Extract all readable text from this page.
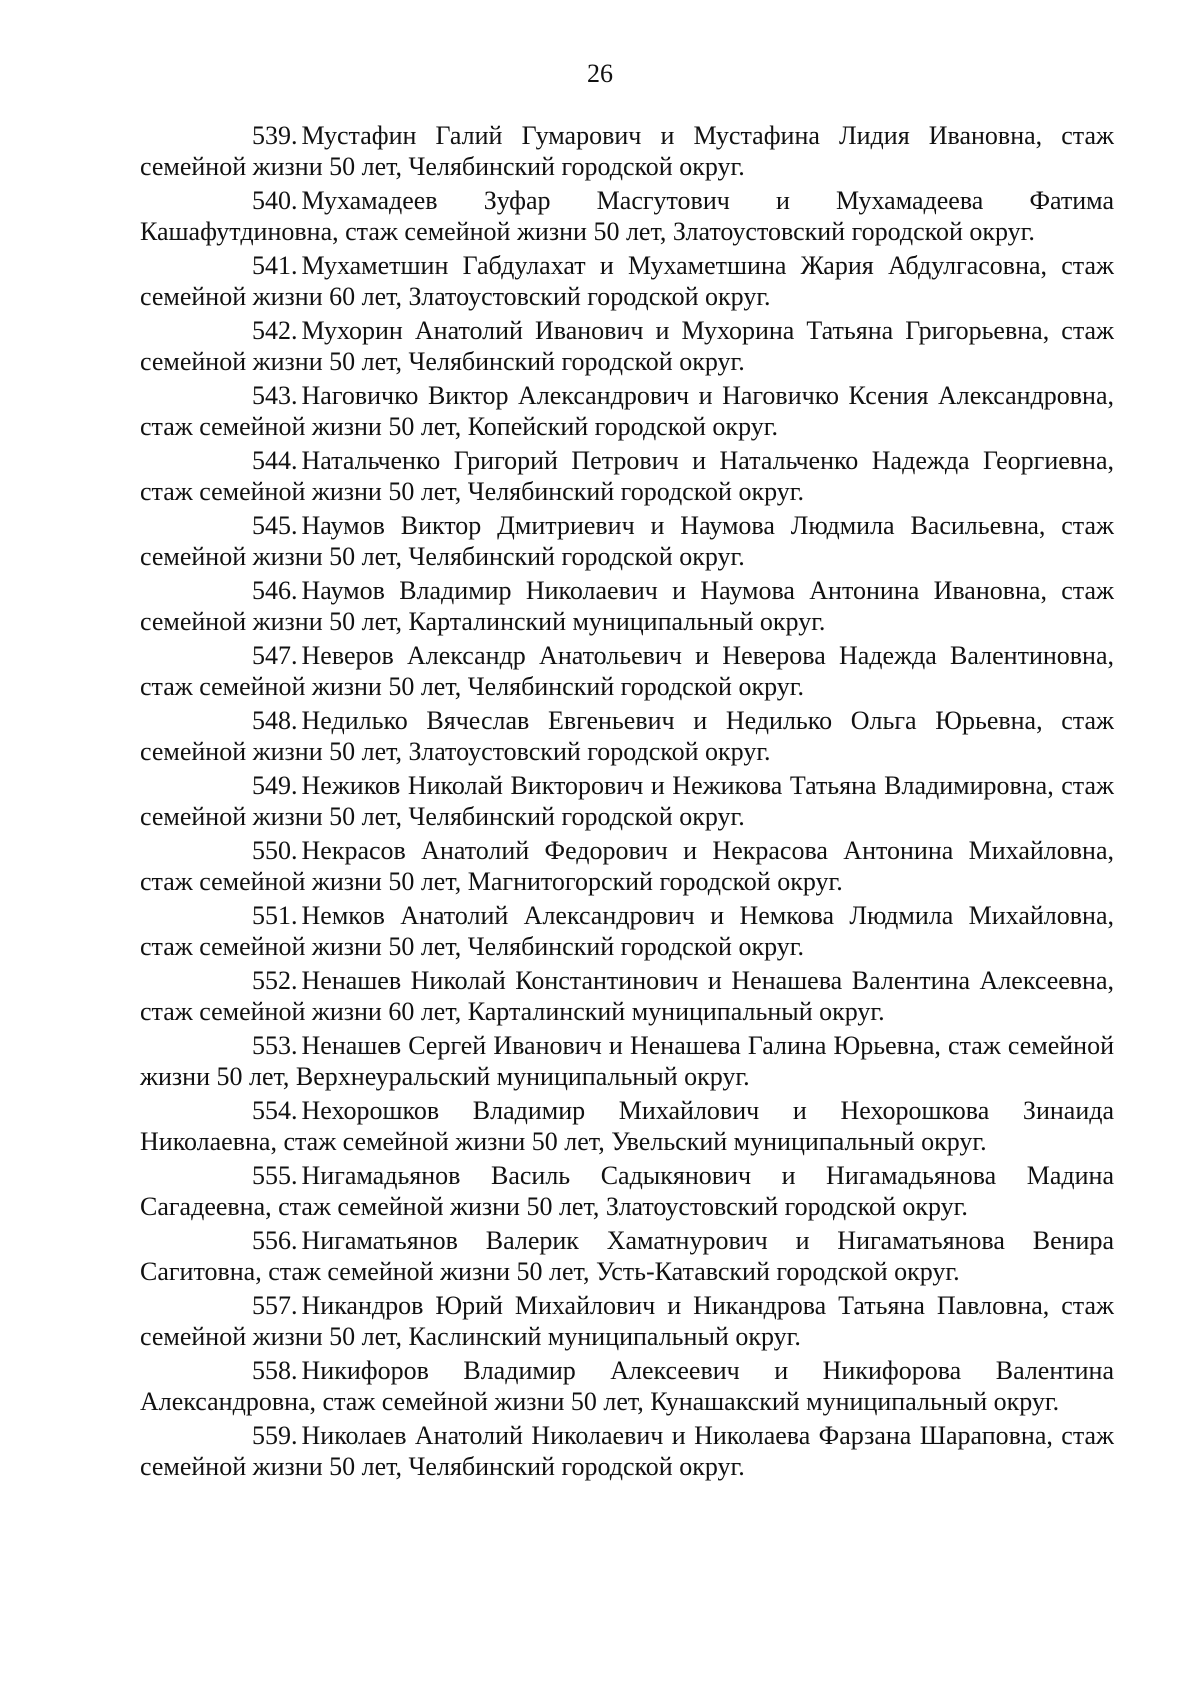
26

539. Мустафин Галий Гумарович и Мустафина Лидия Ивановна, стаж семейной жизни 50 лет, Челябинский городской округ.

540. Мухамадеев Зуфар Масгутович и Мухамадеева Фатима Кашафутдиновна, стаж семейной жизни 50 лет, Златоустовский городской округ.

541. Мухаметшин Габдулахат и Мухаметшина Жария Абдулгасовна, стаж семейной жизни 60 лет, Златоустовский городской округ.

542. Мухорин Анатолий Иванович и Мухорина Татьяна Григорьевна, стаж семейной жизни 50 лет, Челябинский городской округ.

543. Наговичко Виктор Александрович и Наговичко Ксения Александровна, стаж семейной жизни 50 лет, Копейский городской округ.

544. Натальченко Григорий Петрович и Натальченко Надежда Георгиевна, стаж семейной жизни 50 лет, Челябинский городской округ.

545. Наумов Виктор Дмитриевич и Наумова Людмила Васильевна, стаж семейной жизни 50 лет, Челябинский городской округ.

546. Наумов Владимир Николаевич и Наумова Антонина Ивановна, стаж семейной жизни 50 лет, Карталинский муниципальный округ.

547. Неверов Александр Анатольевич и Неверова Надежда Валентиновна, стаж семейной жизни 50 лет, Челябинский городской округ.

548. Недилько Вячеслав Евгеньевич и Недилько Ольга Юрьевна, стаж семейной жизни 50 лет, Златоустовский городской округ.

549. Нежиков Николай Викторович и Нежикова Татьяна Владимировна, стаж семейной жизни 50 лет, Челябинский городской округ.

550. Некрасов Анатолий Федорович и Некрасова Антонина Михайловна, стаж семейной жизни 50 лет, Магнитогорский городской округ.

551. Немков Анатолий Александрович и Немкова Людмила Михайловна, стаж семейной жизни 50 лет, Челябинский городской округ.

552. Ненашев Николай Константинович и Ненашева Валентина Алексеевна, стаж семейной жизни 60 лет, Карталинский муниципальный округ.

553. Ненашев Сергей Иванович и Ненашева Галина Юрьевна, стаж семейной жизни 50 лет, Верхнеуральский муниципальный округ.

554. Нехорошков Владимир Михайлович и Нехорошкова Зинаида Николаевна, стаж семейной жизни 50 лет, Увельский муниципальный округ.

555. Нигамадьянов Василь Садыкянович и Нигамадьянова Мадина Сагадеевна, стаж семейной жизни 50 лет, Златоустовский городской округ.

556. Нигаматьянов Валерик Хаматнурович и Нигаматьянова Венира Сагитовна, стаж семейной жизни 50 лет, Усть-Катавский городской округ.

557. Никандров Юрий Михайлович и Никандрова Татьяна Павловна, стаж семейной жизни 50 лет, Каслинский муниципальный округ.

558. Никифоров Владимир Алексеевич и Никифорова Валентина Александровна, стаж семейной жизни 50 лет, Кунашакский муниципальный округ.

559. Николаев Анатолий Николаевич и Николаева Фарзана Шараповна, стаж семейной жизни 50 лет, Челябинский городской округ.
